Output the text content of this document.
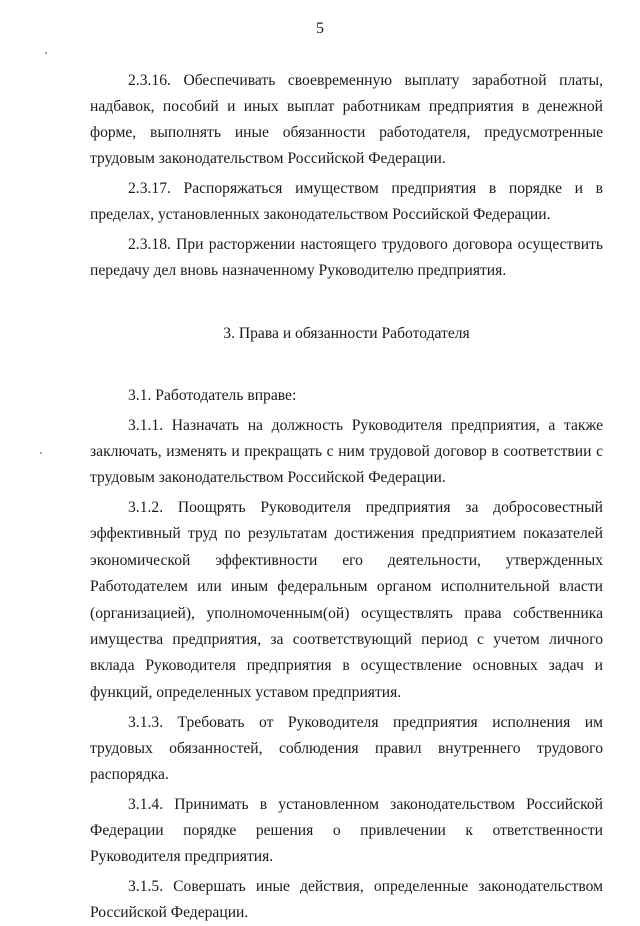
5

2.3.16. Обеспечивать своевременную выплату заработной платы, надбавок, пособий и иных выплат работникам предприятия в денежной форме, выполнять иные обязанности работодателя, предусмотренные трудовым законодательством Российской Федерации.

2.3.17. Распоряжаться имуществом предприятия в порядке и в пределах, установленных законодательством Российской Федерации.

2.3.18. При расторжении настоящего трудового договора осуществить передачу дел вновь назначенному Руководителю предприятия.

3. Права и обязанности Работодателя

3.1. Работодатель вправе:

3.1.1. Назначать на должность Руководителя предприятия, а также заключать, изменять и прекращать с ним трудовой договор в соответствии с трудовым законодательством Российской Федерации.

3.1.2. Поощрять Руководителя предприятия за добросовестный эффективный труд по результатам достижения предприятием показателей экономической эффективности его деятельности, утвержденных Работодателем или иным федеральным органом исполнительной власти (организацией), уполномоченным(ой) осуществлять права собственника имущества предприятия, за соответствующий период с учетом личного вклада Руководителя предприятия в осуществление основных задач и функций, определенных уставом предприятия.

3.1.3. Требовать от Руководителя предприятия исполнения им трудовых обязанностей, соблюдения правил внутреннего трудового распорядка.

3.1.4. Принимать в установленном законодательством Российской Федерации порядке решения о привлечении к ответственности Руководителя предприятия.

3.1.5. Совершать иные действия, определенные законодательством Российской Федерации.
